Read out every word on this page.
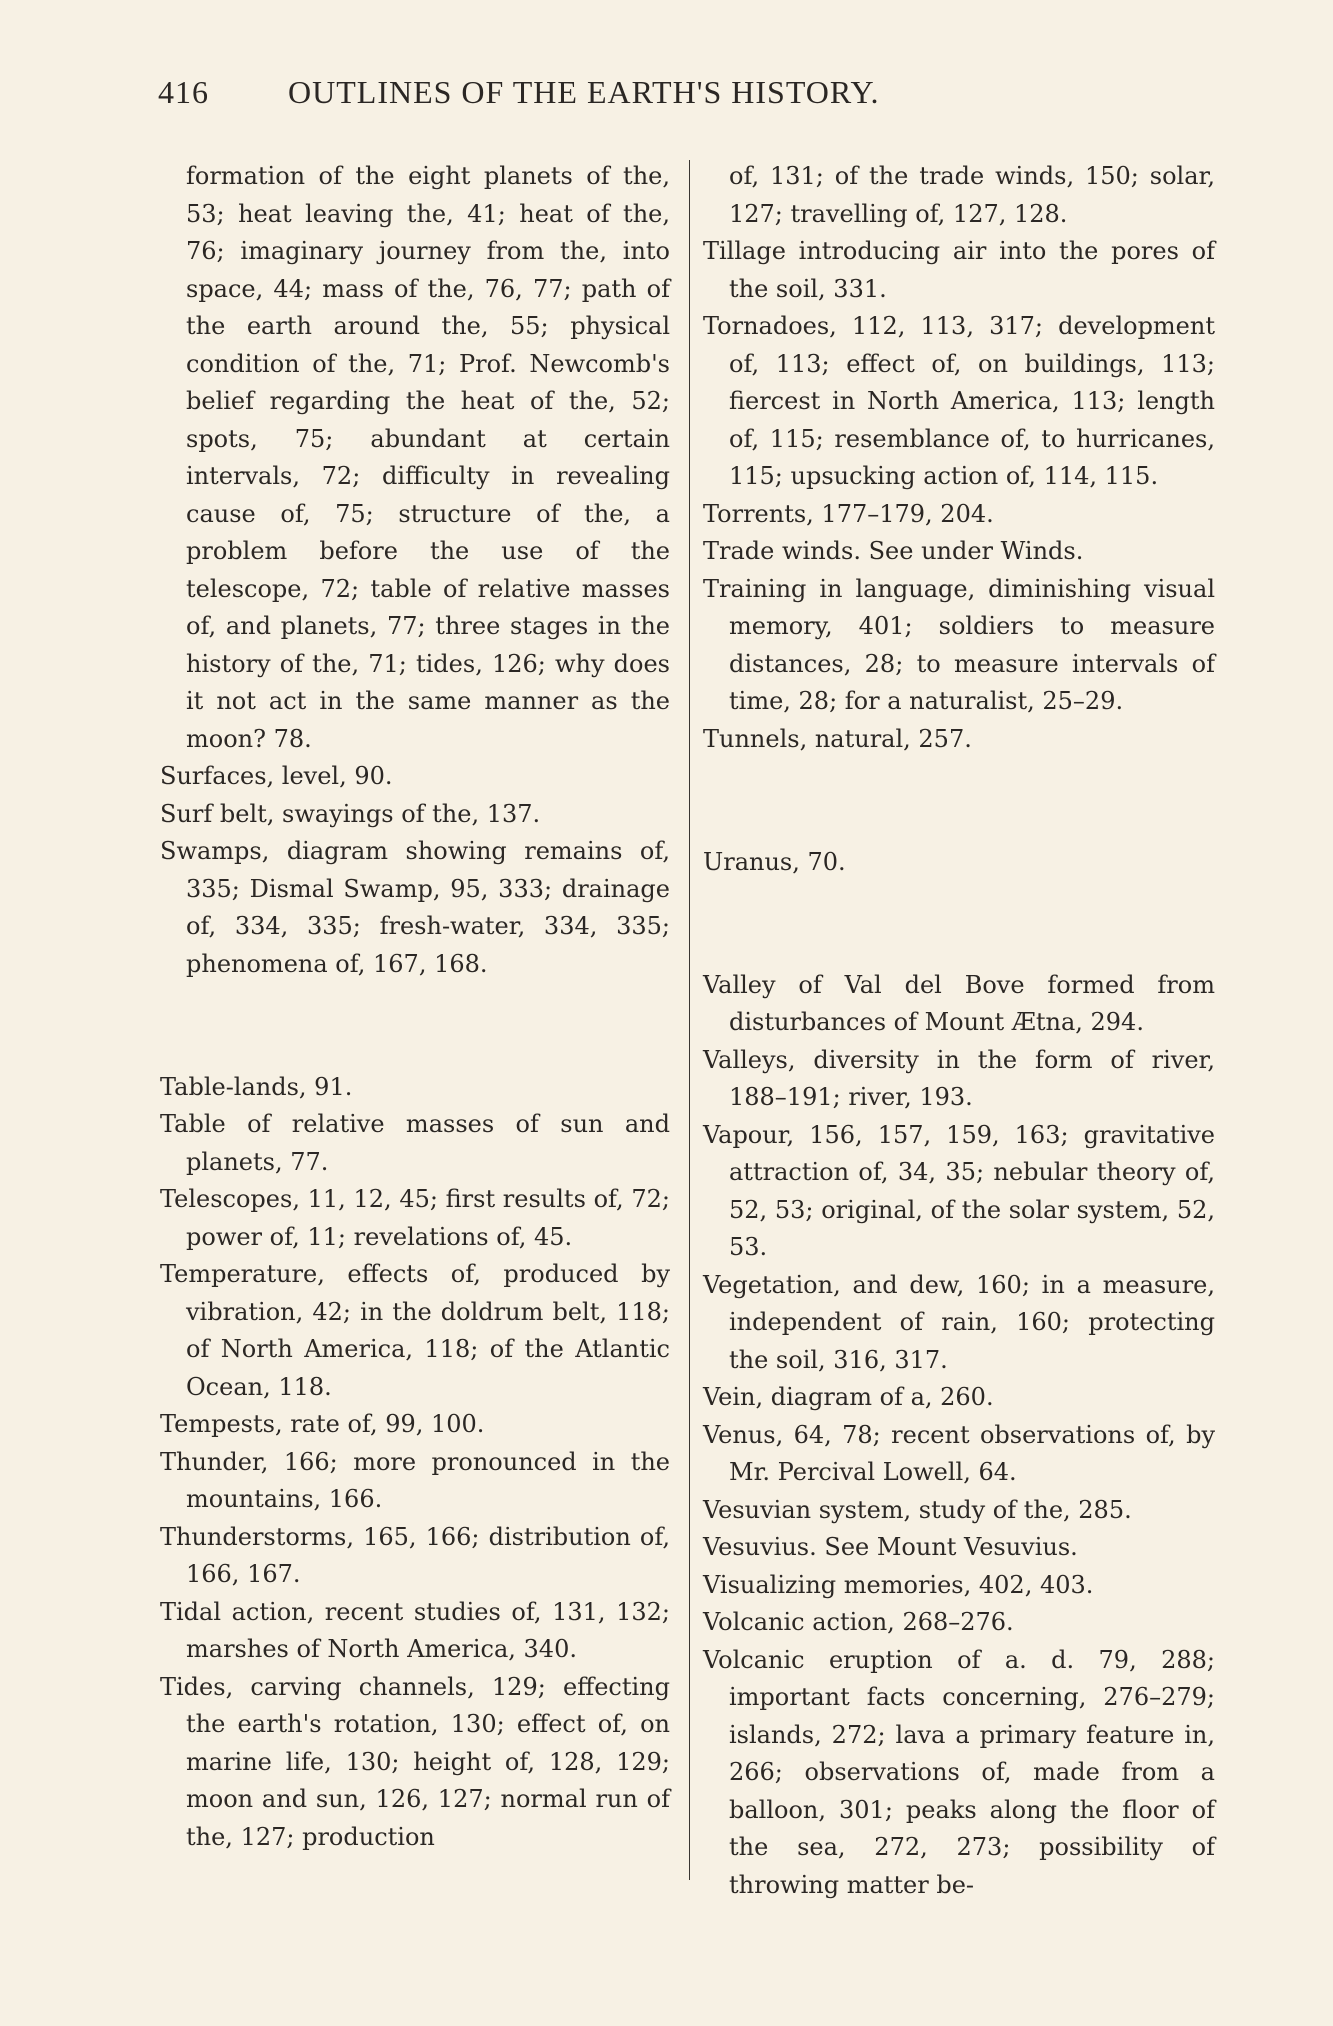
416 OUTLINES OF THE EARTH'S HISTORY.

formation of the eight planets of the, 53; heat leaving the, 41; heat of the, 76; imaginary journey from the, into space, 44; mass of the, 76, 77; path of the earth around the, 55; physical condition of the, 71; Prof. Newcomb's belief regarding the heat of the, 52; spots, 75; abundant at certain intervals, 72; difficulty in revealing cause of, 75; structure of the, a problem before the use of the telescope, 72; table of relative masses of, and planets, 77; three stages in the history of the, 71; tides, 126; why does it not act in the same manner as the moon? 78.

Surfaces, level, 90.

Surf belt, swayings of the, 137.

Swamps, diagram showing remains of, 335; Dismal Swamp, 95, 333; drainage of, 334, 335; fresh-water, 334, 335; phenomena of, 167, 168.

Table-lands, 91.

Table of relative masses of sun and planets, 77.

Telescopes, 11, 12, 45; first results of, 72; power of, 11; revelations of, 45.

Temperature, effects of, produced by vibration, 42; in the doldrum belt, 118; of North America, 118; of the Atlantic Ocean, 118.

Tempests, rate of, 99, 100.

Thunder, 166; more pronounced in the mountains, 166.

Thunderstorms, 165, 166; distribution of, 166, 167.

Tidal action, recent studies of, 131, 132; marshes of North America, 340.

Tides, carving channels, 129; effecting the earth's rotation, 130; effect of, on marine life, 130; height of, 128, 129; moon and sun, 126, 127; normal run of the, 127; production

of, 131; of the trade winds, 150; solar, 127; travelling of, 127, 128.

Tillage introducing air into the pores of the soil, 331.

Tornadoes, 112, 113, 317; development of, 113; effect of, on buildings, 113; fiercest in North America, 113; length of, 115; resemblance of, to hurricanes, 115; upsucking action of, 114, 115.

Torrents, 177–179, 204.

Trade winds. See under Winds.

Training in language, diminishing visual memory, 401; soldiers to measure distances, 28; to measure intervals of time, 28; for a naturalist, 25–29.

Tunnels, natural, 257.

Uranus, 70.

Valley of Val del Bove formed from disturbances of Mount Ætna, 294.

Valleys, diversity in the form of river, 188–191; river, 193.

Vapour, 156, 157, 159, 163; gravitative attraction of, 34, 35; nebular theory of, 52, 53; original, of the solar system, 52, 53.

Vegetation, and dew, 160; in a measure, independent of rain, 160; protecting the soil, 316, 317.

Vein, diagram of a, 260.

Venus, 64, 78; recent observations of, by Mr. Percival Lowell, 64.

Vesuvian system, study of the, 285.

Vesuvius. See Mount Vesuvius.

Visualizing memories, 402, 403.

Volcanic action, 268–276.

Volcanic eruption of a. d. 79, 288; important facts concerning, 276–279; islands, 272; lava a primary feature in, 266; observations of, made from a balloon, 301; peaks along the floor of the sea, 272, 273; possibility of throwing matter be-
